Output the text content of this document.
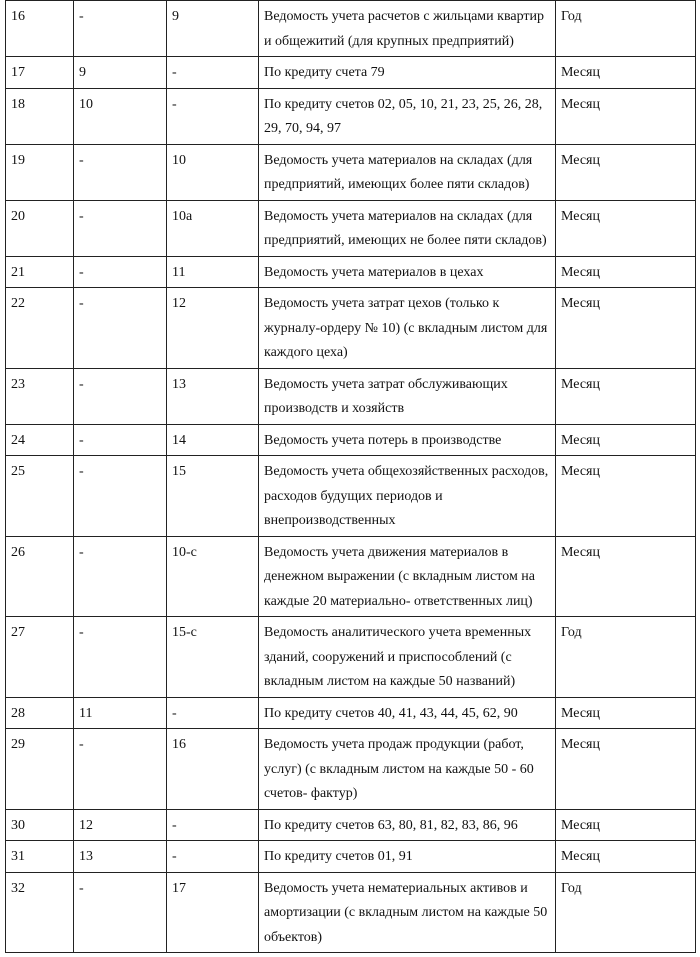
16	-	9	Ведомость учета расчетов с жильцами квартир и общежитий (для крупных предприятий)	Год
17	9	-	По кредиту счета 79	Месяц
18	10	-	По кредиту счетов 02, 05, 10, 21, 23, 25, 26, 28, 29, 70, 94, 97	Месяц
19	-	10	Ведомость учета материалов на складах (для предприятий, имеющих более пяти складов)	Месяц
20	-	10а	Ведомость учета материалов на складах (для предприятий, имеющих не более пяти складов)	Месяц
21	-	11	Ведомость учета материалов в цехах	Месяц
22	-	12	Ведомость учета затрат цехов (только к журналу-ордеру № 10) (с вкладным листом для каждого цеха)	Месяц
23	-	13	Ведомость учета затрат обслуживающих производств и хозяйств	Месяц
24	-	14	Ведомость учета потерь в производстве	Месяц
25	-	15	Ведомость учета общехозяйственных расходов, расходов будущих периодов и внепроизводственных	Месяц
26	-	10-с	Ведомость учета движения материалов в денежном выражении (с вкладным листом на каждые 20 материально- ответственных лиц)	Месяц
27	-	15-с	Ведомость аналитического учета временных зданий, сооружений и приспособлений (с вкладным листом на каждые 50 названий)	Год
28	11	-	По кредиту счетов 40, 41, 43, 44, 45, 62, 90	Месяц
29	-	16	Ведомость учета продаж продукции (работ, услуг) (с вкладным листом на каждые 50 - 60 счетов- фактур)	Месяц
30	12	-	По кредиту счетов 63, 80, 81, 82, 83, 86, 96	Месяц
31	13	-	По кредиту счетов 01, 91	Месяц
32	-	17	Ведомость учета нематериальных активов и амортизации (с вкладным листом на каждые 50 объектов)	Год
